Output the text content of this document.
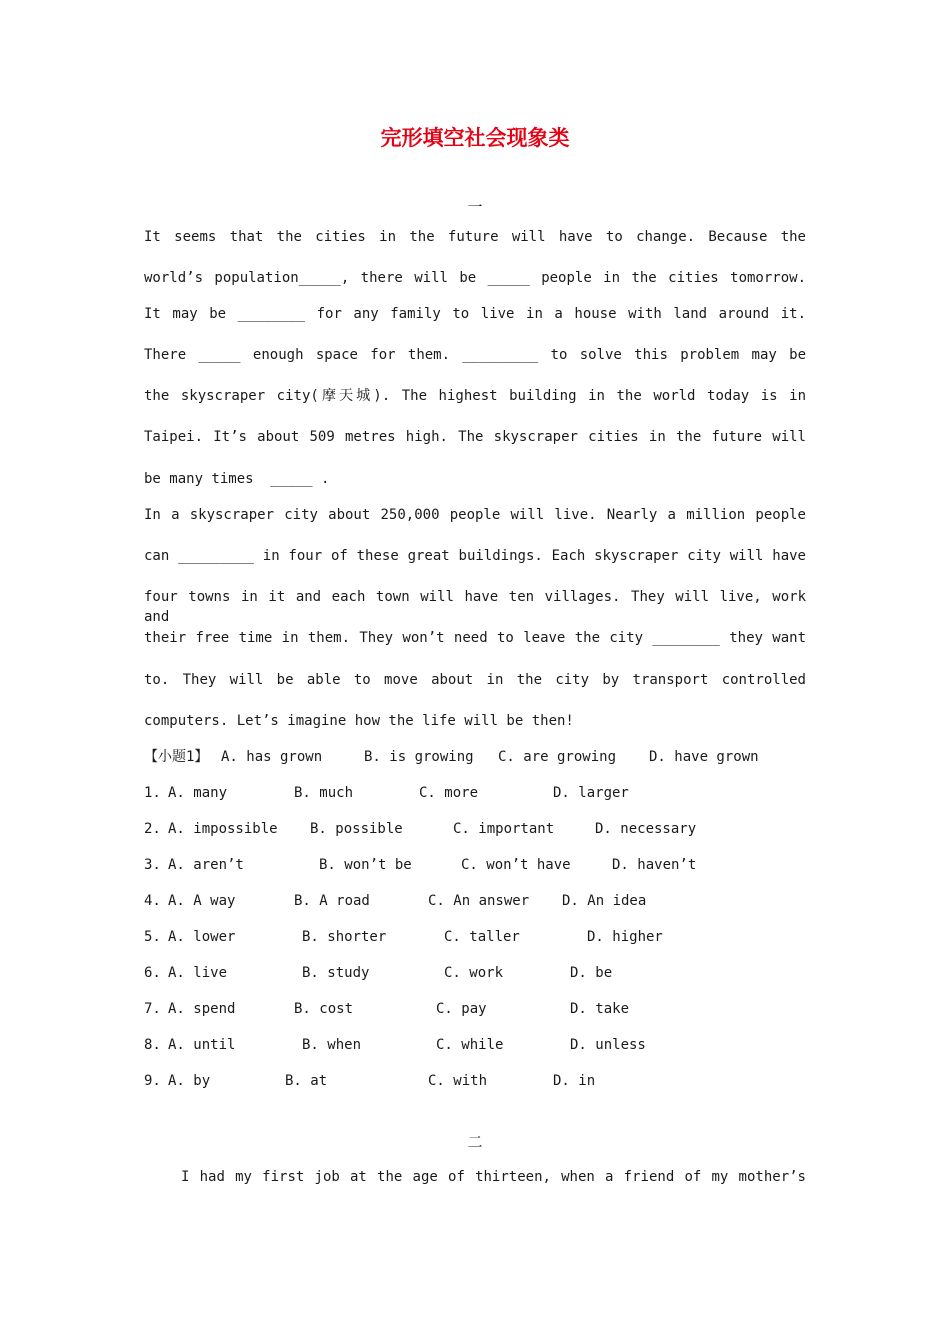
完形填空社会现象类
一
It seems that the cities in the future will have to change. Because the
world’s population_____, there will be _____ people in the cities tomorrow.
It may be ________ for any family to live in a house with land around it.
There _____ enough space for them. _________ to solve this problem may be
the skyscraper city(摩天城). The highest building in the world today is in
Taipei. It’s about 509 metres high. The skyscraper cities in the future will
be many times  _____ .
In a skyscraper city about 250,000 people will live. Nearly a million people
can _________ in four of these great buildings. Each skyscraper city will have
four towns in it and each town will have ten villages. They will live, work and
their free time in them. They won’t need to leave the city ________ they want
to. They will be able to move about in the city by transport controlled
computers. Let’s imagine how the life will be then!
【小题1】 A. has grown	B. is growing C. are growing D. have grown
1. A. many	B. much	C. more	D. larger
2. A. impossible B. possible	C. important	D. necessary
3. A. aren’t	B. won’t be	C. won’t have	D. haven’t
4. A. A way	B. A road	C. An answer D. An idea
5. A. lower	B. shorter	C. taller	D. higher
6. A. live	B. study	C. work	D. be
7. A. spend	B. cost	C. pay	D. take
8. A. until	B. when	C. while	D. unless
9. A. by	B. at	C. with	D. in
二
I had my first job at the age of thirteen, when a friend of my mother’s
